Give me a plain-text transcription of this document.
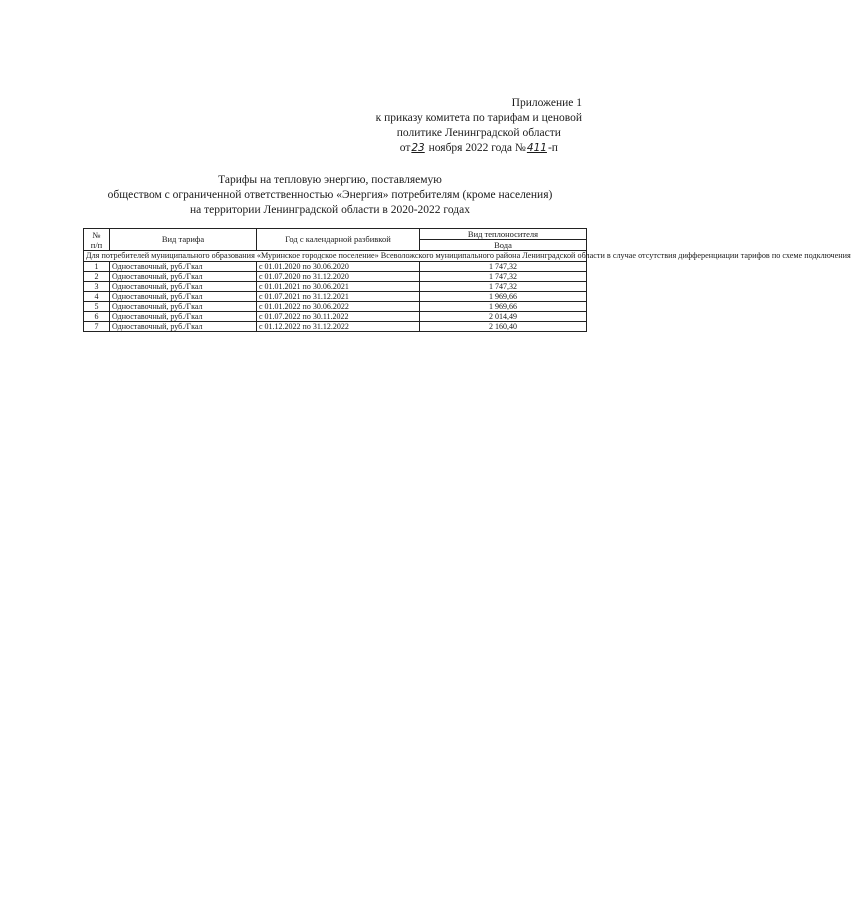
Приложение 1
к приказу комитета по тарифам и ценовой
политике Ленинградской области
от23 ноября 2022 года №411-п
Тарифы на тепловую энергию, поставляемую
обществом с ограниченной ответственностью «Энергия» потребителям (кроме населения)
на территории Ленинградской области в 2020-2022 годах
№
п/п	Вид тарифа	Год с календарной разбивкой	Вид теплоносителя
			Вода
Для потребителей муниципального образования «Муринское городское поселение» Всеволожского муниципального района Ленинградской области в случае отсутствия дифференциации тарифов по схеме подключения			
1	Одноставочный, руб./Гкал	с 01.01.2020 по 30.06.2020	1 747,32
2	Одноставочный, руб./Гкал	с 01.07.2020 по 31.12.2020	1 747,32
3	Одноставочный, руб./Гкал	с 01.01.2021 по 30.06.2021	1 747,32
4	Одноставочный, руб./Гкал	с 01.07.2021 по 31.12.2021	1 969,66
5	Одноставочный, руб./Гкал	с 01.01.2022 по 30.06.2022	1 969,66
6	Одноставочный, руб./Гкал	с 01.07.2022 по 30.11.2022	2 014,49
7	Одноставочный, руб./Гкал	с 01.12.2022 по 31.12.2022	2 160,40
